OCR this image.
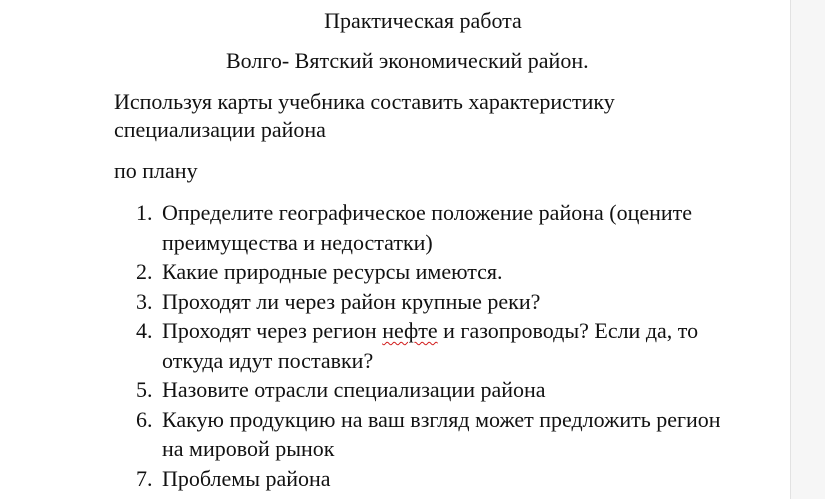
Практическая работа
Волго- Вятский экономический район.
Используя карты учебника составить характеристику специализации района
по плану
1. Определите географическое положение района (оцените преимущества и недостатки)
2. Какие природные ресурсы имеются.
3. Проходят ли через район крупные реки?
4. Проходят через регион нефте и газопроводы? Если да, то откуда идут поставки?
5. Назовите отрасли специализации района
6. Какую продукцию на ваш взгляд может предложить регион на мировой рынок
7. Проблемы района
